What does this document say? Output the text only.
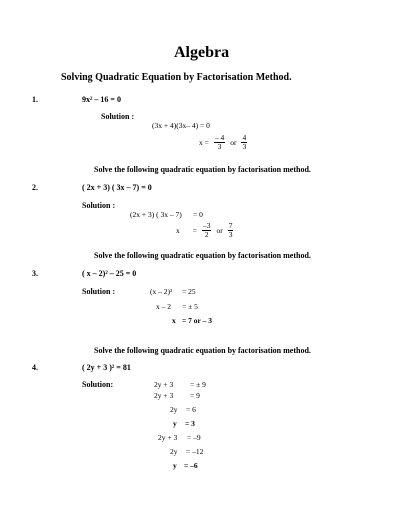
Algebra
Solving Quadratic Equation by Factorisation Method.
1.	9x² – 16 = 0
Solution :
(3x + 4)(3x– 4) = 0
$x = \frac{- 4}{3}$ or $\frac{4}{3}$
Solve the following quadratic equation by factorisation method.
2.	( 2x + 3) ( 3x – 7) = 0
Solution :
(2x + 3) ( 3x – 7) = 0
$x = \frac{-3}{2}$ or $\frac{7}{3}$
Solve the following quadratic equation by factorisation method.
3.	( x – 2)² – 25 = 0
Solution :	(x – 2)² = 25
x – 2 = ± 5
x = 7 or – 3
Solve the following quadratic equation by factorisation method.
4.	( 2y + 3 )² = 81
Solution:	2y + 3 = ± 9
2y + 3 = 9
2y = 6
y = 3
2y + 3 = –9
2y = –12
y = –6
